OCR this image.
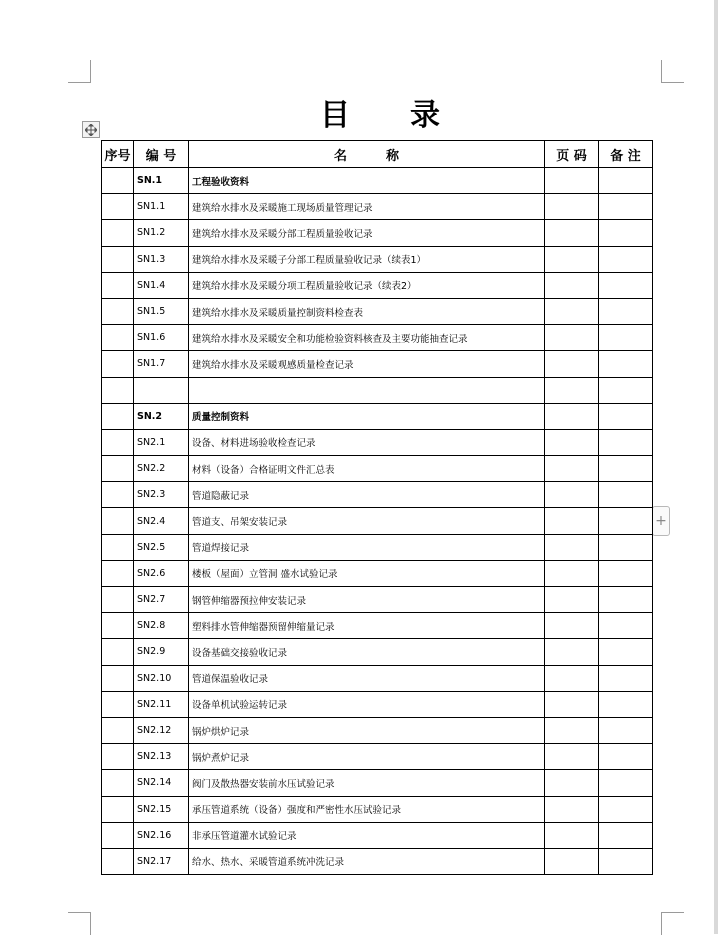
目 录
+
序号	编 号	名　　　称	页 码	备 注
	SN.1	工程验收资料		
	SN1.1	建筑给水排水及采暖施工现场质量管理记录		
	SN1.2	建筑给水排水及采暖分部工程质量验收记录		
	SN1.3	建筑给水排水及采暖子分部工程质量验收记录（续表1）		
	SN1.4	建筑给水排水及采暖分项工程质量验收记录（续表2）		
	SN1.5	建筑给水排水及采暖质量控制资料检查表		
	SN1.6	建筑给水排水及采暖安全和功能检验资料核查及主要功能抽查记录		
	SN1.7	建筑给水排水及采暖观感质量检查记录		

	SN.2	质量控制资料		
	SN2.1	设备、材料进场验收检查记录		
	SN2.2	材料（设备）合格证明文件汇总表		
	SN2.3	管道隐蔽记录		
	SN2.4	管道支、吊架安装记录		
	SN2.5	管道焊接记录		
	SN2.6	楼板（屋面）立管洞 盛水试验记录		
	SN2.7	钢管伸缩器预拉伸安装记录		
	SN2.8	塑料排水管伸缩器预留伸缩量记录		
	SN2.9	设备基础交接验收记录		
	SN2.10	管道保温验收记录		
	SN2.11	设备单机试验运转记录		
	SN2.12	锅炉烘炉记录		
	SN2.13	锅炉煮炉记录		
	SN2.14	阀门及散热器安装前水压试验记录		
	SN2.15	承压管道系统（设备）强度和严密性水压试验记录		
	SN2.16	非承压管道灌水试验记录		
	SN2.17	给水、热水、采暖管道系统冲洗记录		
